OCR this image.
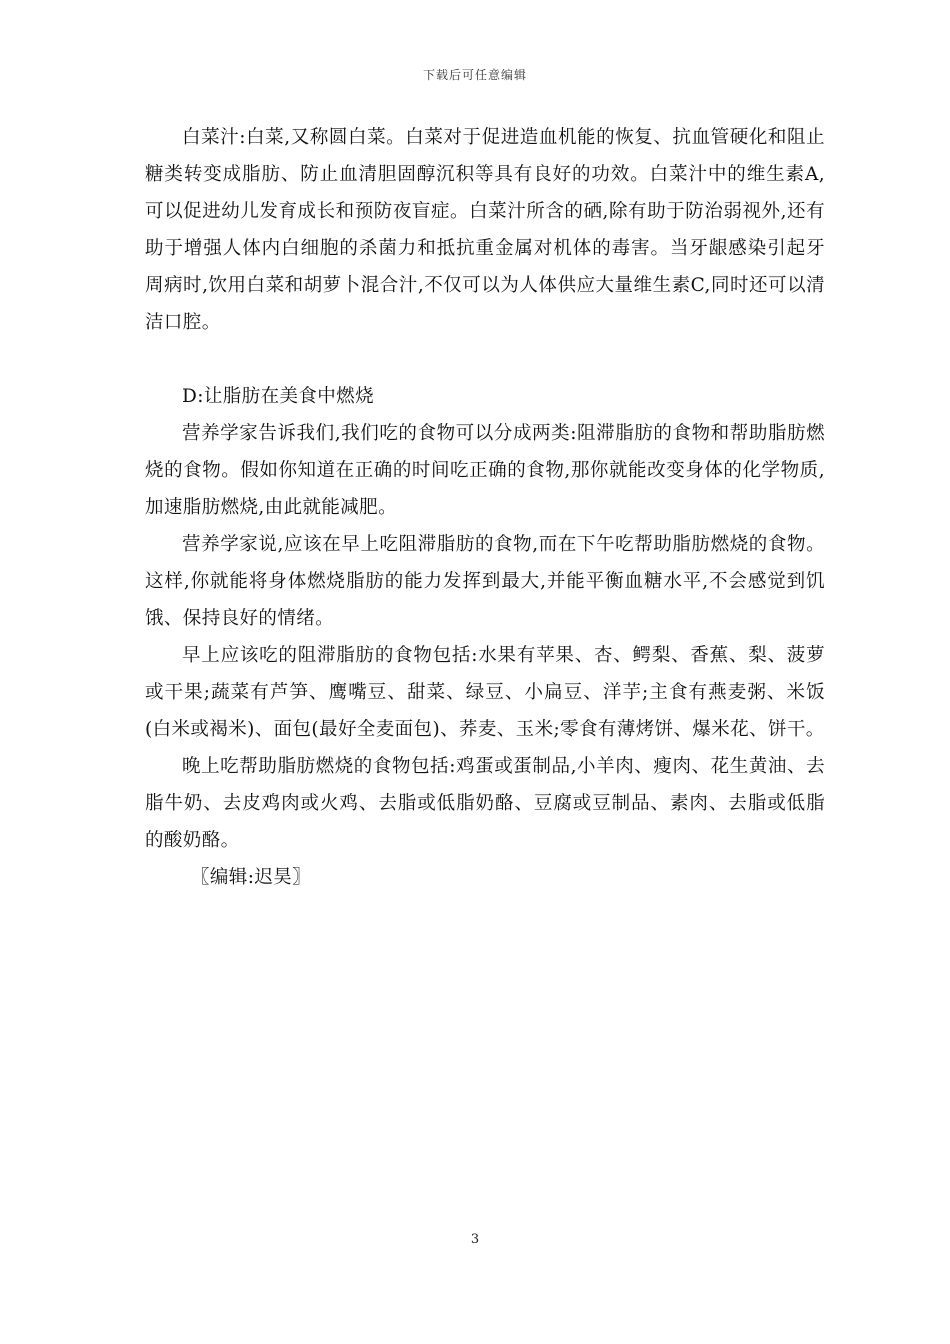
下载后可任意编辑

白菜汁:白菜,又称圆白菜。白菜对于促进造血机能的恢复、抗血管硬化和阻止糖类转变成脂肪、防止血清胆固醇沉积等具有良好的功效。白菜汁中的维生素A,可以促进幼儿发育成长和预防夜盲症。白菜汁所含的硒,除有助于防治弱视外,还有助于增强人体内白细胞的杀菌力和抵抗重金属对机体的毒害。当牙龈感染引起牙周病时,饮用白菜和胡萝卜混合汁,不仅可以为人体供应大量维生素C,同时还可以清洁口腔。

D:让脂肪在美食中燃烧

营养学家告诉我们,我们吃的食物可以分成两类:阻滞脂肪的食物和帮助脂肪燃烧的食物。假如你知道在正确的时间吃正确的食物,那你就能改变身体的化学物质,加速脂肪燃烧,由此就能减肥。

营养学家说,应该在早上吃阻滞脂肪的食物,而在下午吃帮助脂肪燃烧的食物。这样,你就能将身体燃烧脂肪的能力发挥到最大,并能平衡血糖水平,不会感觉到饥饿、保持良好的情绪。

早上应该吃的阻滞脂肪的食物包括:水果有苹果、杏、鳄梨、香蕉、梨、菠萝或干果;蔬菜有芦笋、鹰嘴豆、甜菜、绿豆、小扁豆、洋芋;主食有燕麦粥、米饭(白米或褐米)、面包(最好全麦面包)、荞麦、玉米;零食有薄烤饼、爆米花、饼干。

晚上吃帮助脂肪燃烧的食物包括:鸡蛋或蛋制品,小羊肉、瘦肉、花生黄油、去脂牛奶、去皮鸡肉或火鸡、去脂或低脂奶酪、豆腐或豆制品、素肉、去脂或低脂的酸奶酪。

〖编辑:迟昊〗

3
